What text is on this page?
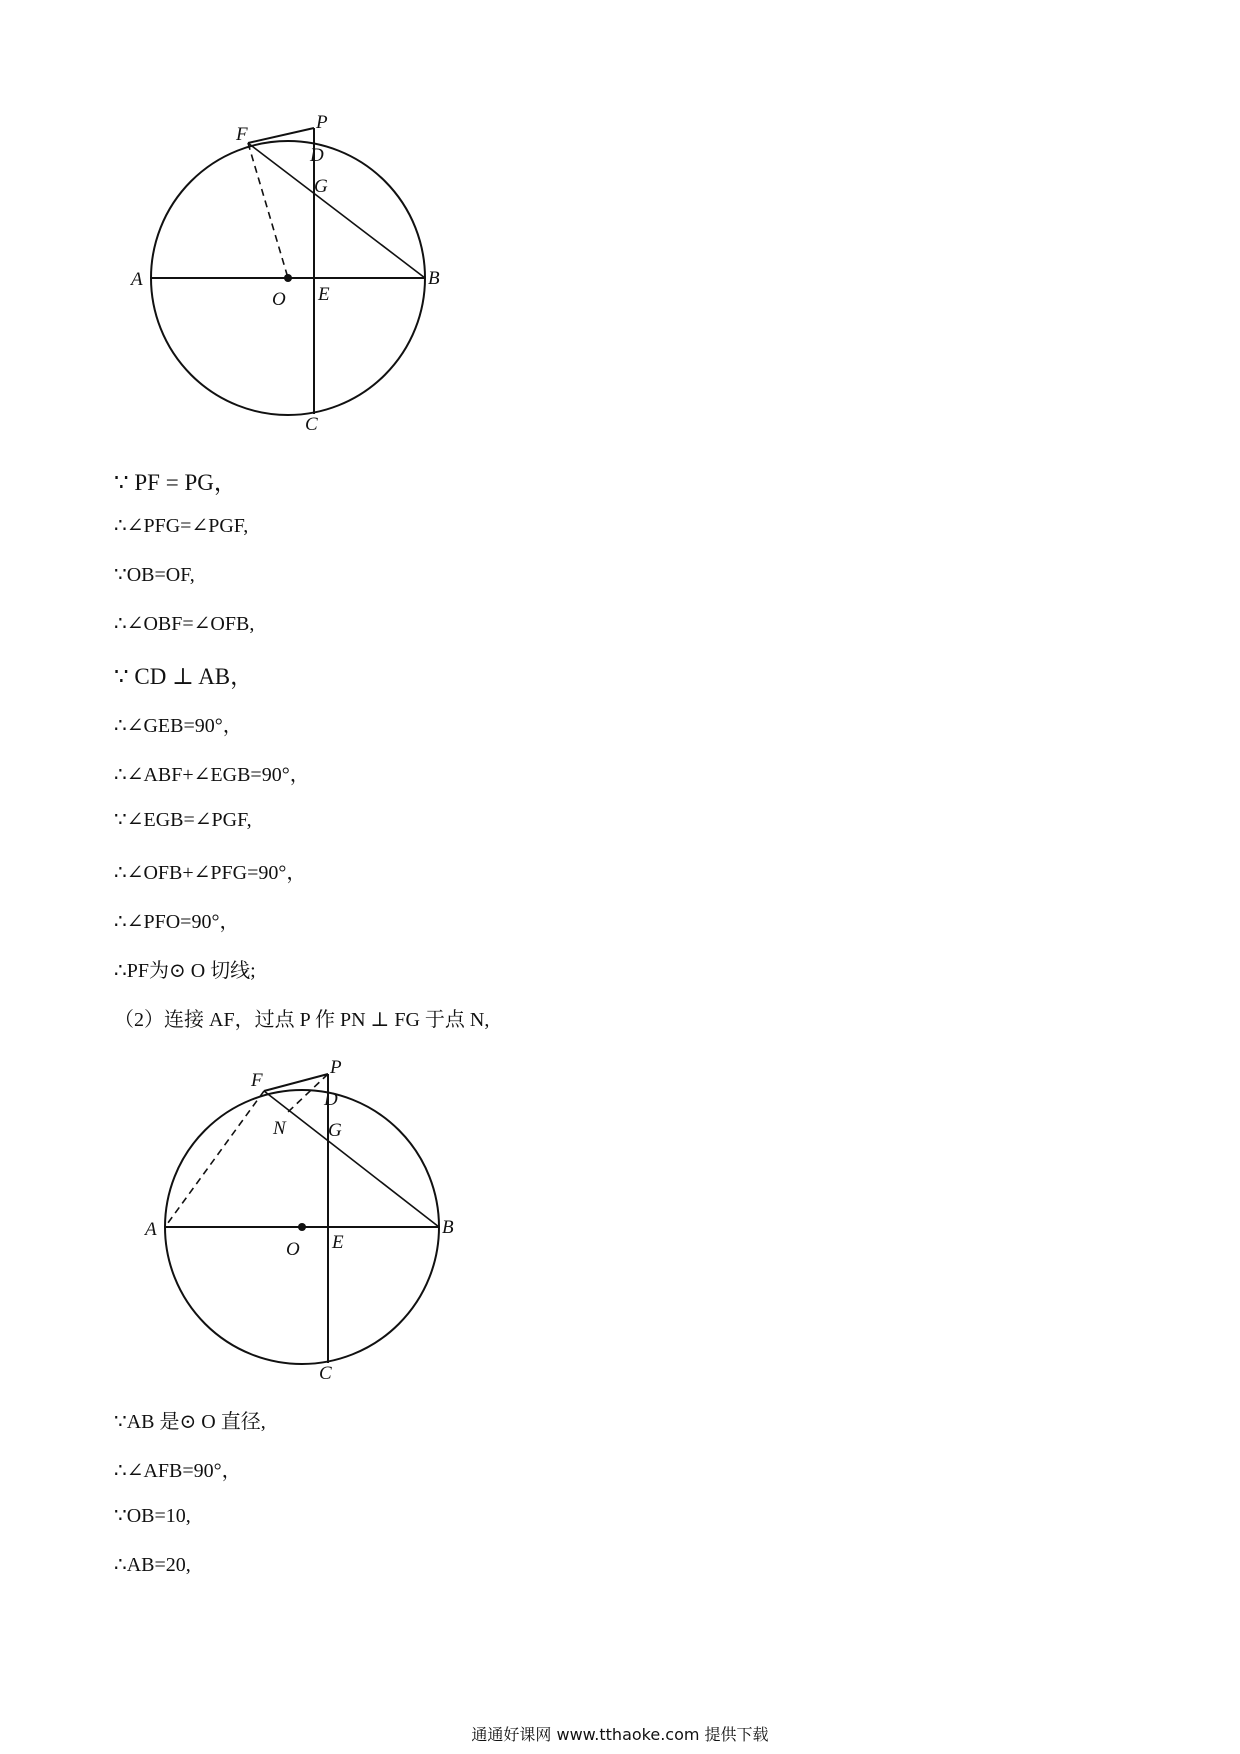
F
P
D
G
A
O E
B
C
∵ PF = PG，
∴∠PFG=∠PGF,
∵OB=OF,
∴∠OBF=∠OFB,
∵ CD ⊥ AB，
∴∠GEB=90°，
∴∠ABF+∠EGB=90°，
∵∠EGB=∠PGF,
∴∠OFB+∠PFG=90°，
∴∠PFO=90°，
∴PF为⊙ O 切线;
（2）连接 AF，过点 P 作 PN ⊥ FG 于点 N,
F
P
D
N G
A
O E
B
C
∵AB 是⊙ O 直径,
∴∠AFB=90°，
∵OB=10,
∴AB=20,
通通好课网 www.tthaoke.com 提供下载
